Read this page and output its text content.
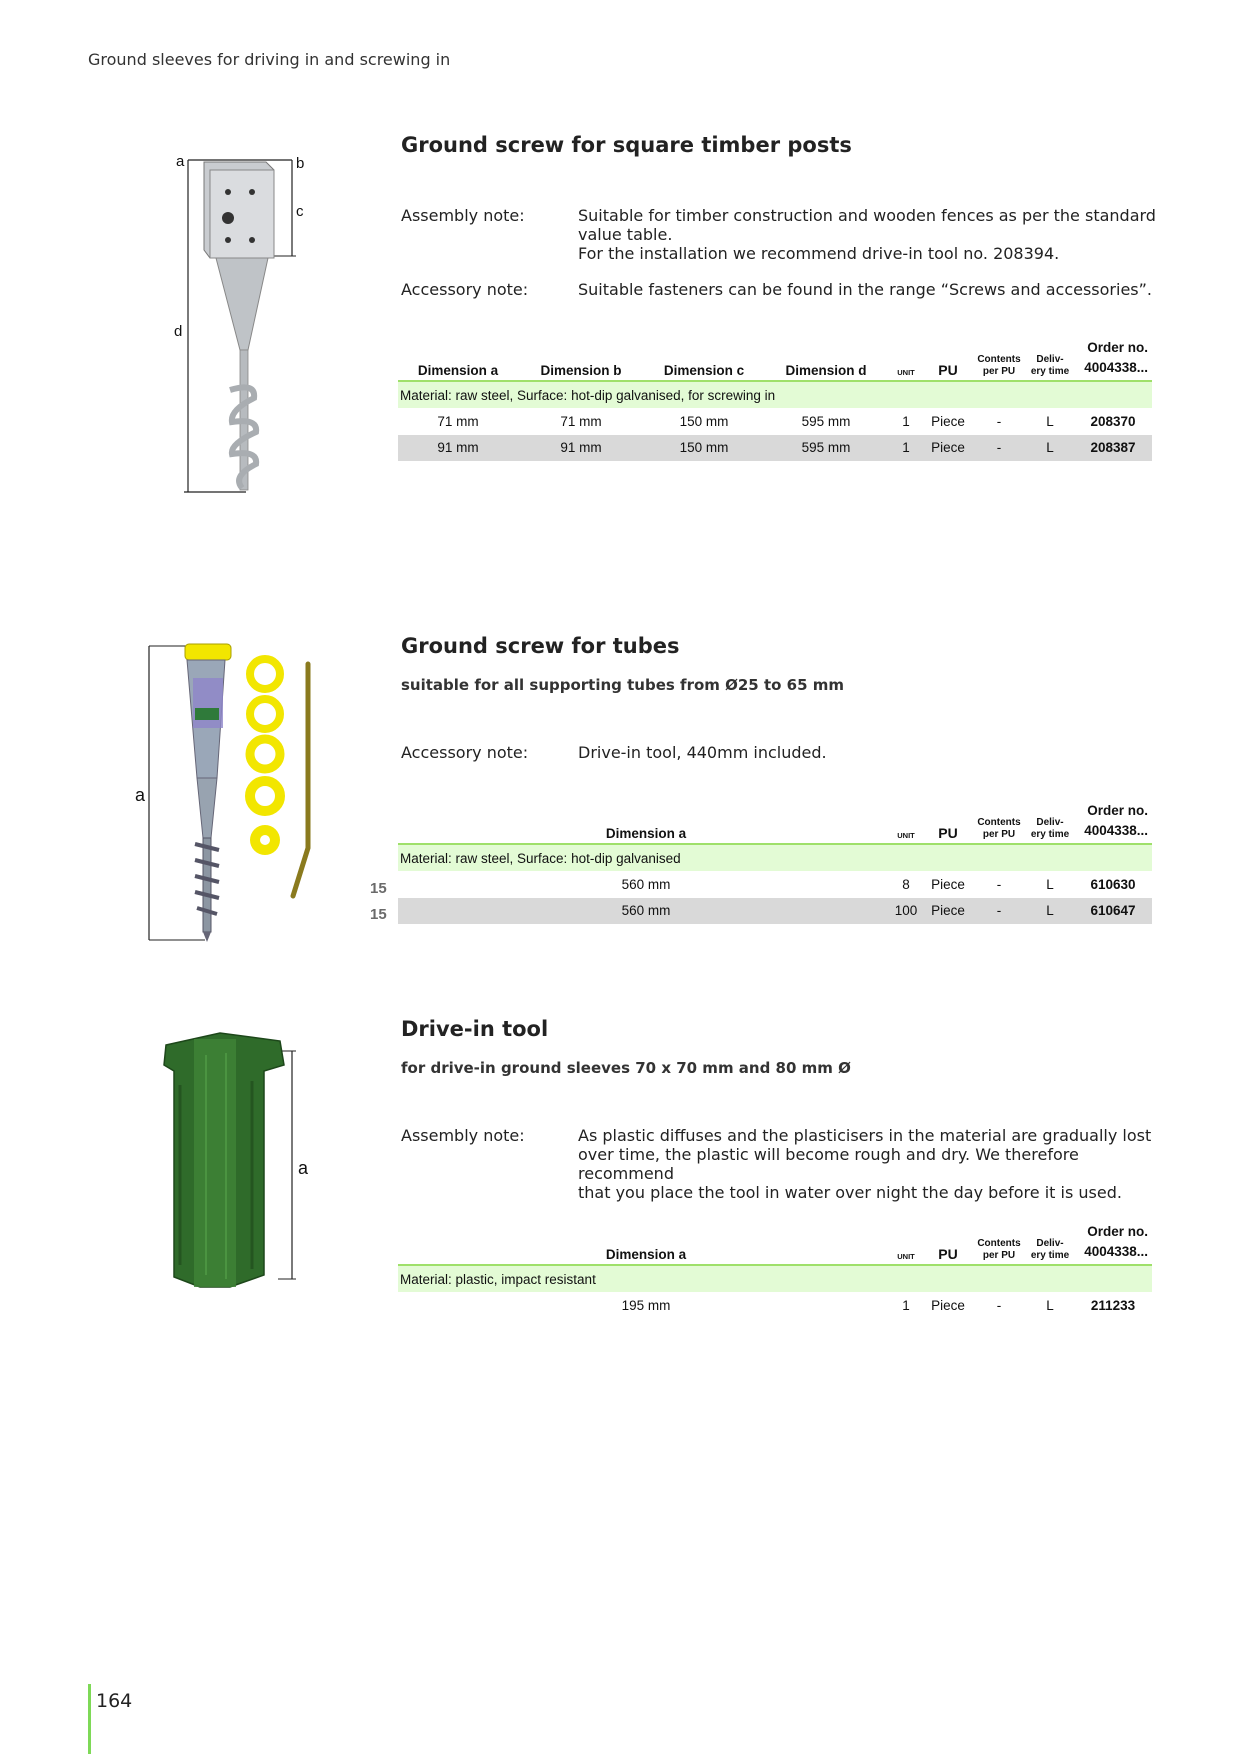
Ground sleeves for driving in and screwing in
a	b
c
d
Ground screw for square timber posts
Assembly note:	Suitable for timber construction and wooden fences as per the standard
value table.
For the installation we recommend drive-in tool no. 208394.
Accessory note:	Suitable fasteners can be found in the range “Screws and accessories”.
Dimension a	Dimension b	Dimension c	Dimension d	UNIT	PU
Contents
per PU
Deliv-
ery time
Order no.
4004338...
Material: raw steel, Surface: hot-dip galvanised, for screwing in
71 mm	71 mm	150 mm	595 mm	1	Piece	-	L	208370
91 mm	91 mm	150 mm	595 mm	1	Piece	-	L	208387
a
Ground screw for tubes
suitable for all supporting tubes from Ø25 to 65 mm
Accessory note:	Drive-in tool, 440mm included.
Dimension a	UNIT	PU
Contents
per PU
Deliv-
ery time
Order no.
4004338...
Material: raw steel, Surface: hot-dip galvanised
15	560 mm	8	Piece	-	L	610630
15	560 mm	100	Piece	-	L	610647
a
Drive-in tool
for drive-in ground sleeves 70 x 70 mm and 80 mm Ø
Assembly note:	As plastic diffuses and the plasticisers in the material are gradually lost
over time, the plastic will become rough and dry. We therefore recommend
that you place the tool in water over night the day before it is used.
Dimension a	UNIT	PU
Contents
per PU
Deliv-
ery time
Order no.
4004338...
Material: plastic, impact resistant
195 mm	1	Piece	-	L	211233
164
